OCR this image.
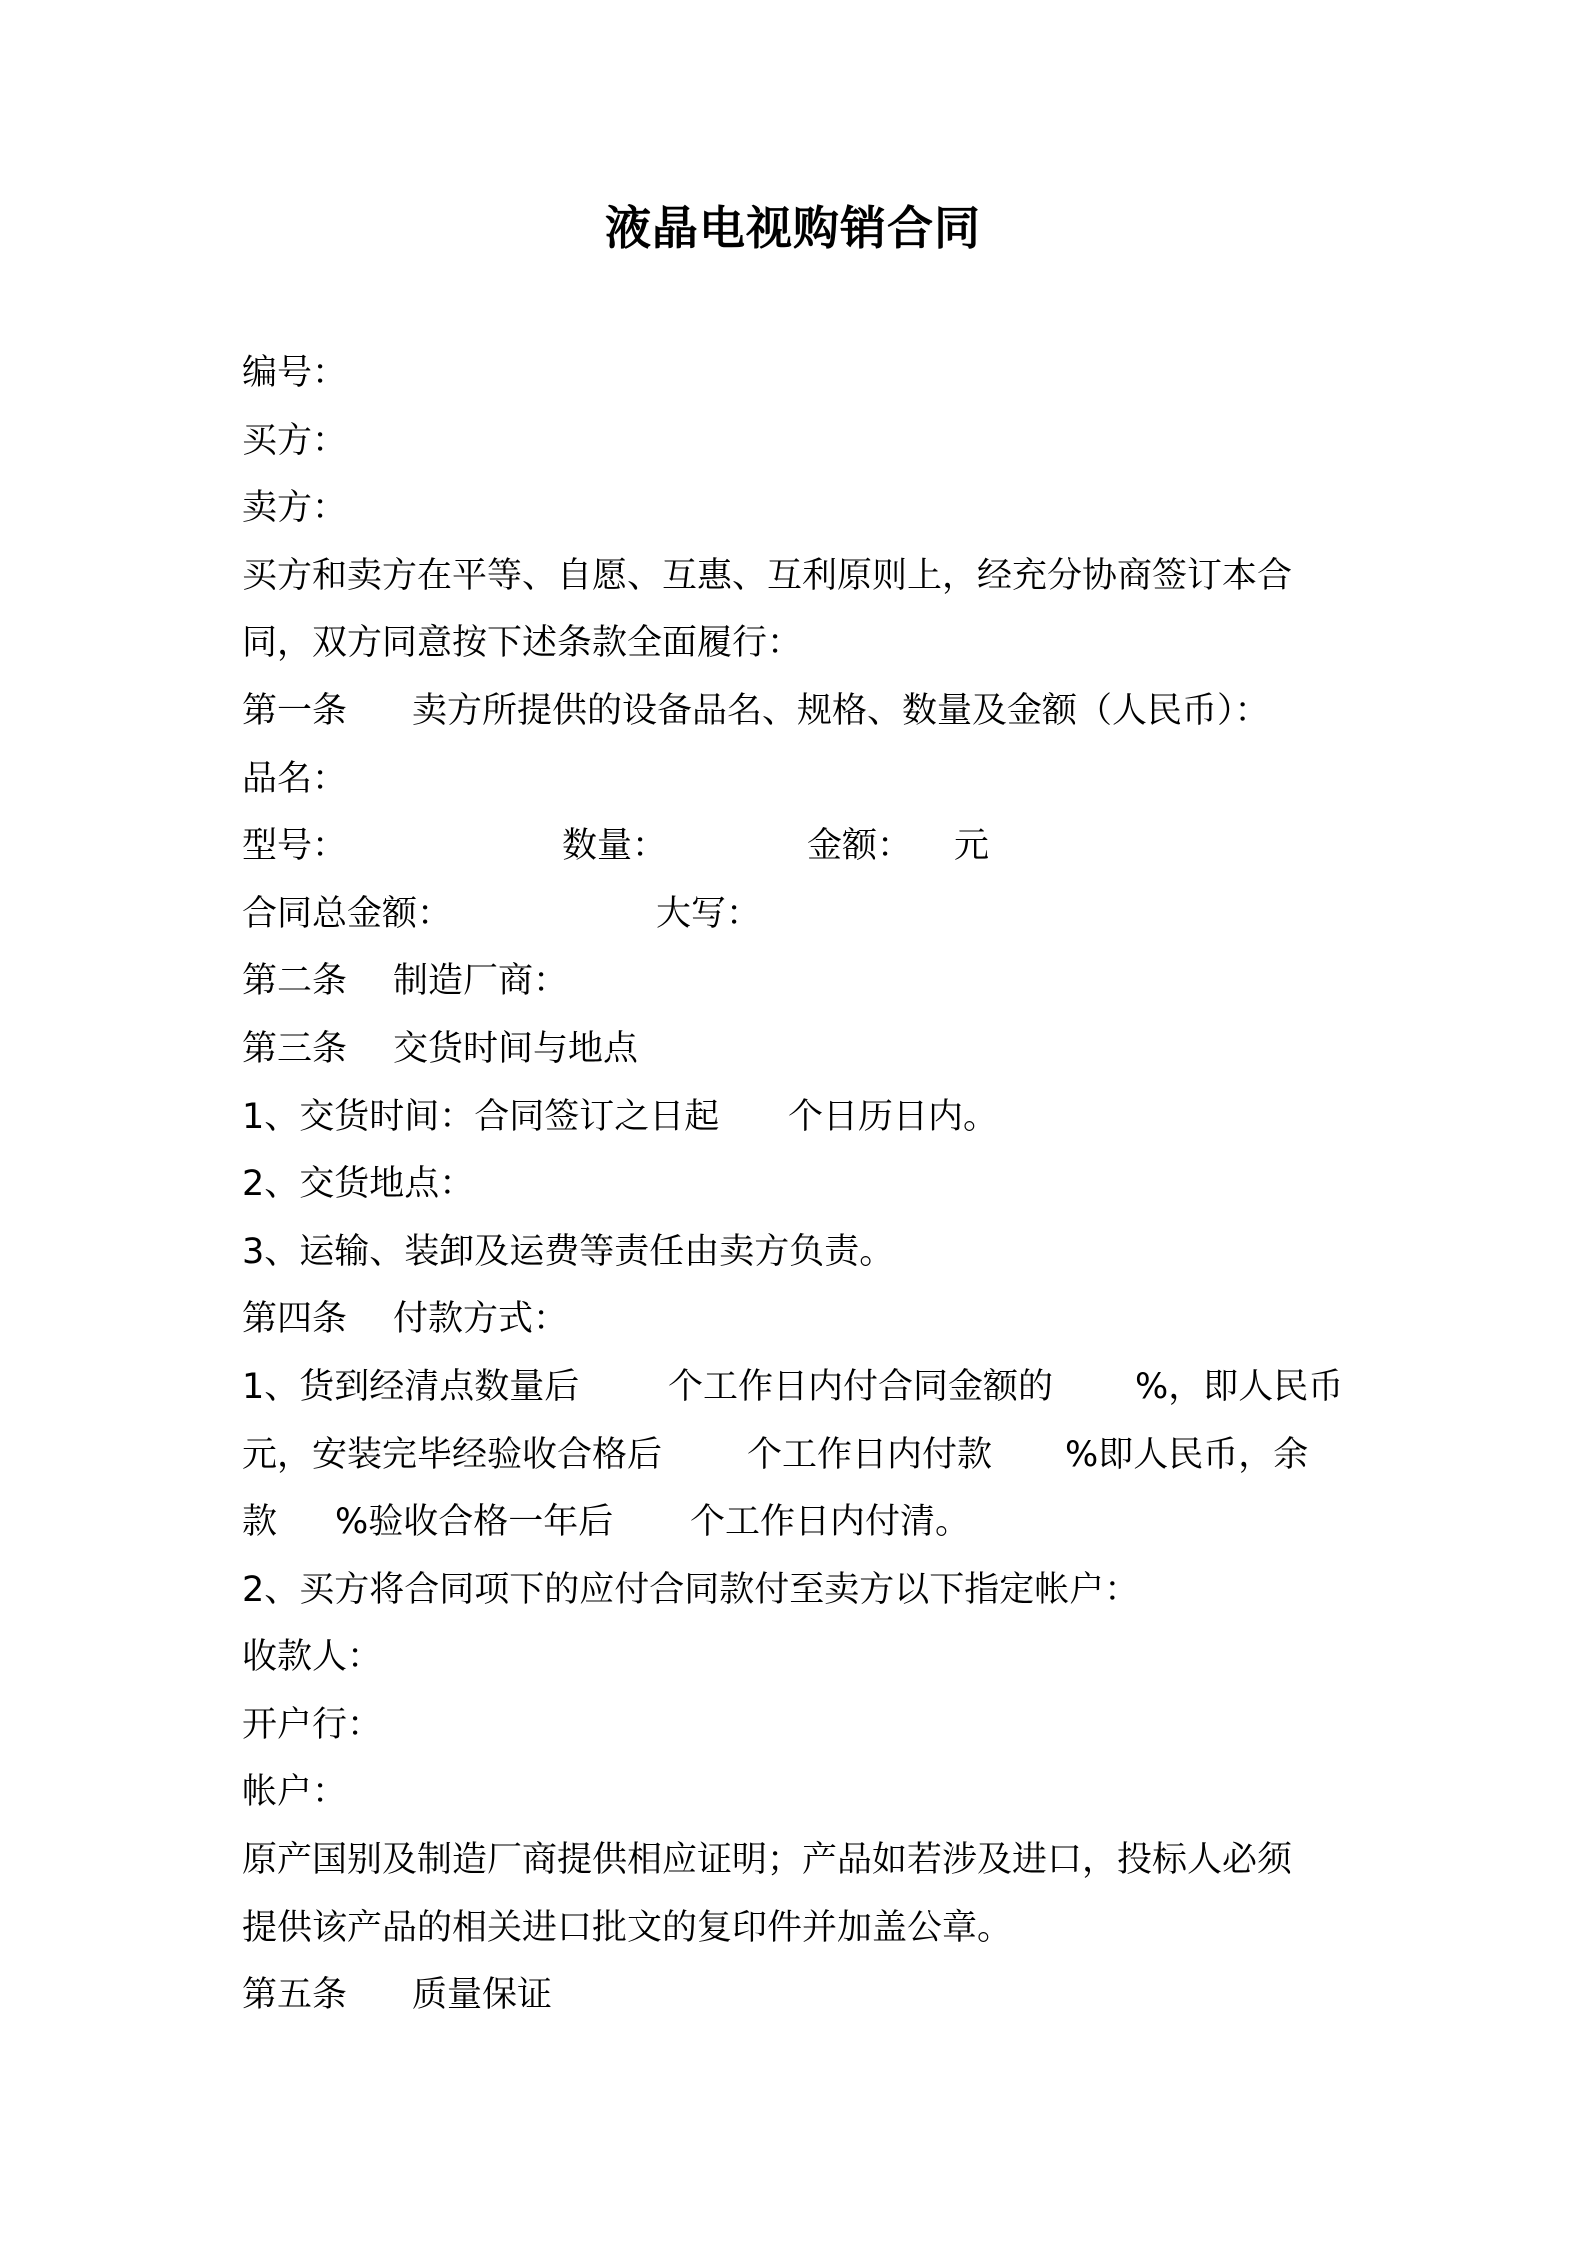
液晶电视购销合同
编号：
买方：
卖方：
买方和卖方在平等、自愿、互惠、互利原则上，经充分协商签订本合
同，双方同意按下述条款全面履行：
第一条 卖方所提供的设备品名、规格、数量及金额（人民币）：
品名：
型号：	数量：	金额： 元
合同总金额：	大写：
第二条 制造厂商：
第三条 交货时间与地点
1、交货时间：合同签订之日起 个日历日内。
2、交货地点：
3、运输、装卸及运费等责任由卖方负责。
第四条 付款方式：
1、货到经清点数量后	个工作日内付合同金额的 %，即人民币
元，安装完毕经验收合格后 个工作日内付款 %即人民币，余
款 %验收合格一年后 个工作日内付清。
2、买方将合同项下的应付合同款付至卖方以下指定帐户：
收款人：
开户行：
帐户：
原产国别及制造厂商提供相应证明；产品如若涉及进口，投标人必须
提供该产品的相关进口批文的复印件并加盖公章。
第五条 质量保证
